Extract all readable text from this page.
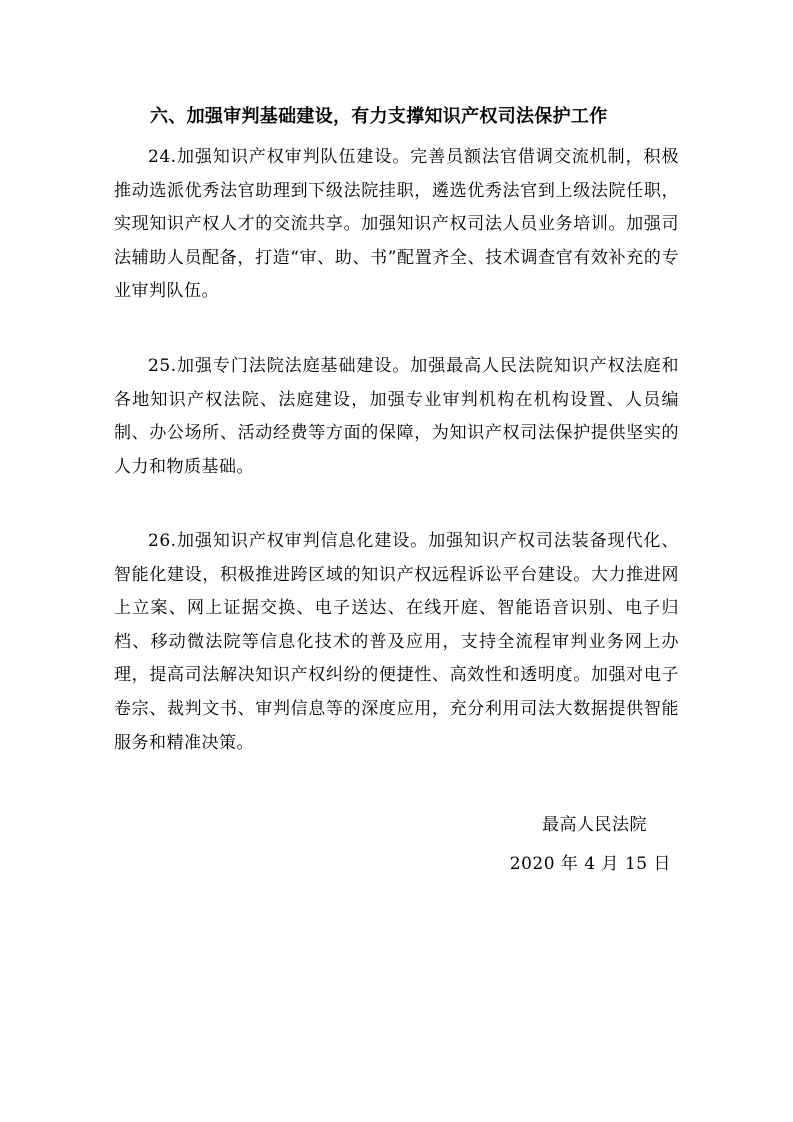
六、加强审判基础建设，有力支撑知识产权司法保护工作

24.加强知识产权审判队伍建设。完善员额法官借调交流机制，积极推动选派优秀法官助理到下级法院挂职，遴选优秀法官到上级法院任职，实现知识产权人才的交流共享。加强知识产权司法人员业务培训。加强司法辅助人员配备，打造“审、助、书”配置齐全、技术调查官有效补充的专业审判队伍。

25.加强专门法院法庭基础建设。加强最高人民法院知识产权法庭和各地知识产权法院、法庭建设，加强专业审判机构在机构设置、人员编制、办公场所、活动经费等方面的保障，为知识产权司法保护提供坚实的人力和物质基础。

26.加强知识产权审判信息化建设。加强知识产权司法装备现代化、智能化建设，积极推进跨区域的知识产权远程诉讼平台建设。大力推进网上立案、网上证据交换、电子送达、在线开庭、智能语音识别、电子归档、移动微法院等信息化技术的普及应用，支持全流程审判业务网上办理，提高司法解决知识产权纠纷的便捷性、高效性和透明度。加强对电子卷宗、裁判文书、审判信息等的深度应用，充分利用司法大数据提供智能服务和精准决策。

最高人民法院
2020 年 4 月 15 日
